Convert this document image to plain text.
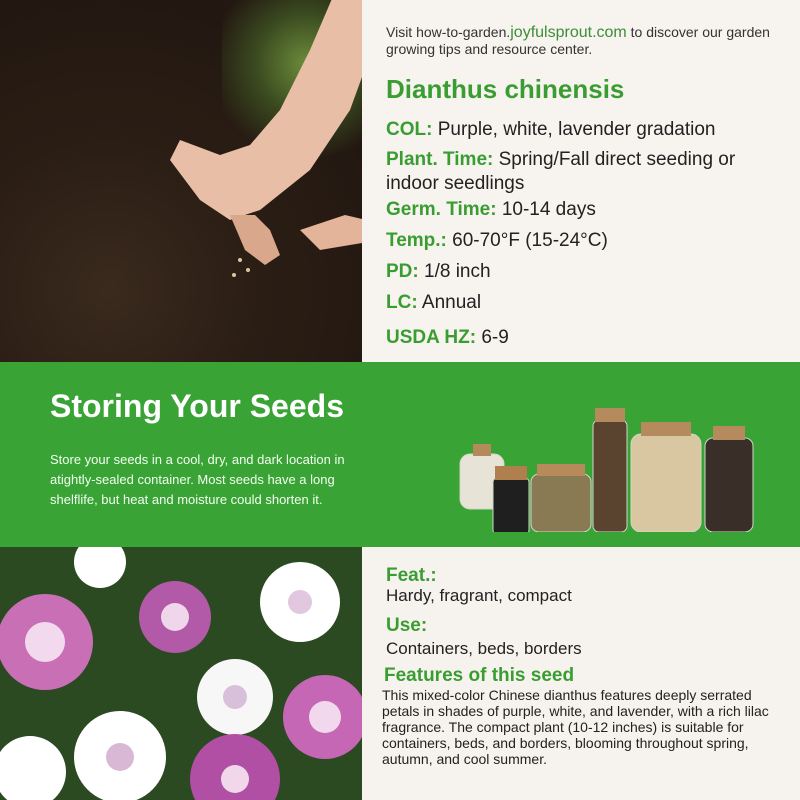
Visit how-to-garden.joyfulsprout.com to discover our garden growing tips and resource center.
Dianthus chinensis
COL: Purple, white, lavender gradation
Plant. Time: Spring/Fall direct seeding or indoor seedlings
Germ. Time: 10-14 days
Temp.: 60-70°F (15-24°C)
PD: 1/8 inch
LC: Annual
USDA HZ: 6-9
Storing Your Seeds

Store your seeds in a cool, dry, and dark location in atightly-sealed container. Most seeds have a long shelflife, but heat and moisture could shorten it.

Feat.:
Hardy, fragrant, compact
Use:
Containers, beds, borders
Features of this seed
This mixed-color Chinese dianthus features deeply serrated petals in shades of purple, white, and lavender, with a rich lilac fragrance. The compact plant (10-12 inches) is suitable for containers, beds, and borders, blooming throughout spring, autumn, and cool summer.
